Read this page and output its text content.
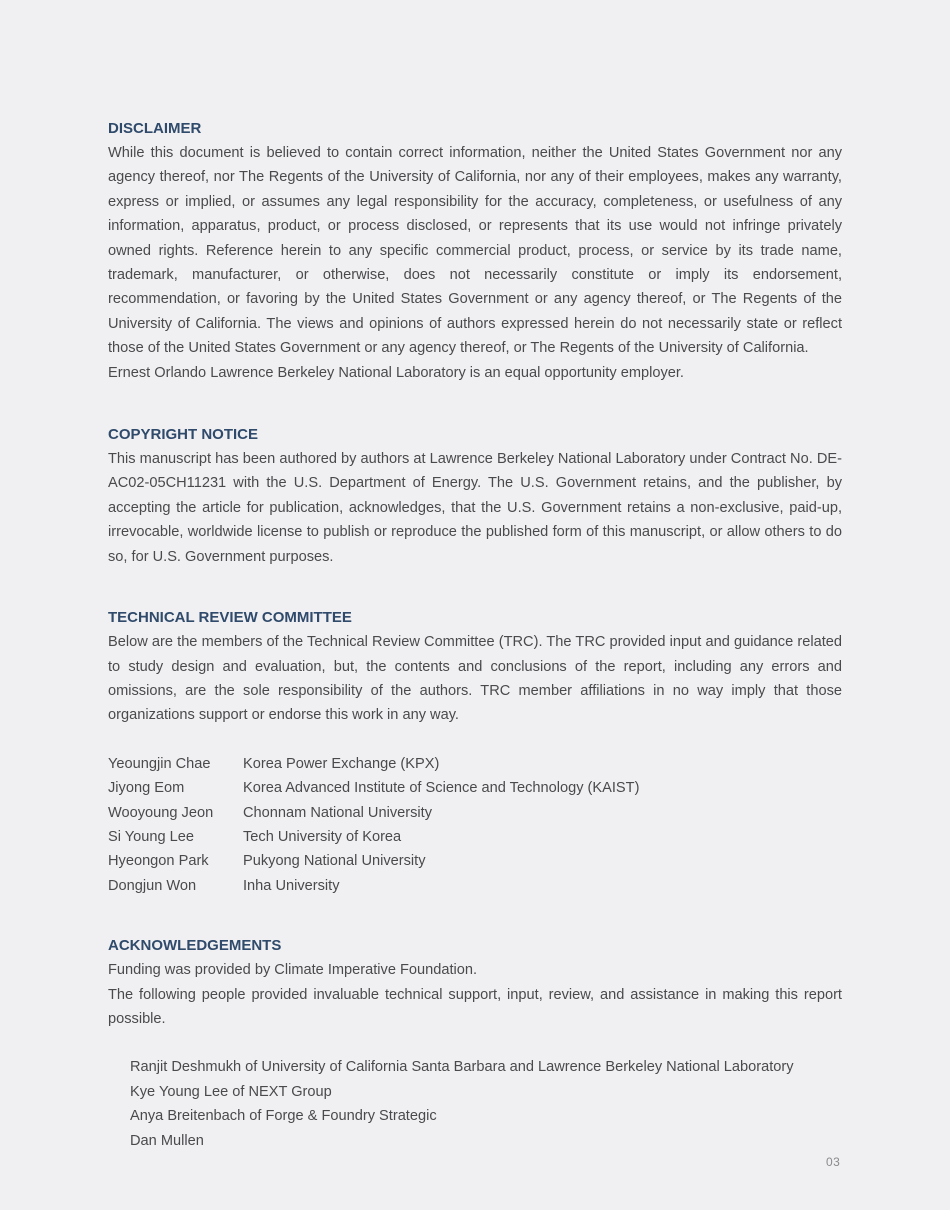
DISCLAIMER

While this document is believed to contain correct information, neither the United States Government nor any agency thereof, nor The Regents of the University of California, nor any of their employees, makes any warranty, express or implied, or assumes any legal responsibility for the accuracy, completeness, or usefulness of any information, apparatus, product, or process disclosed, or represents that its use would not infringe privately owned rights. Reference herein to any specific commercial product, process, or service by its trade name, trademark, manufacturer, or otherwise, does not necessarily constitute or imply its endorsement, recommendation, or favoring by the United States Government or any agency thereof, or The Regents of the University of California. The views and opinions of authors expressed herein do not necessarily state or reflect those of the United States Government or any agency thereof, or The Regents of the University of California.

Ernest Orlando Lawrence Berkeley National Laboratory is an equal opportunity employer.

COPYRIGHT NOTICE

This manuscript has been authored by authors at Lawrence Berkeley National Laboratory under Contract No. DE-AC02-05CH11231 with the U.S. Department of Energy. The U.S. Government retains, and the publisher, by accepting the article for publication, acknowledges, that the U.S. Government retains a non-exclusive, paid-up, irrevocable, worldwide license to publish or reproduce the published form of this manuscript, or allow others to do so, for U.S. Government purposes.

TECHNICAL REVIEW COMMITTEE

Below are the members of the Technical Review Committee (TRC). The TRC provided input and guidance related to study design and evaluation, but, the contents and conclusions of the report, including any errors and omissions, are the sole responsibility of the authors. TRC member affiliations in no way imply that those organizations support or endorse this work in any way.

Yeoungjin Chae	Korea Power Exchange (KPX)
Jiyong Eom	Korea Advanced Institute of Science and Technology (KAIST)
Wooyoung Jeon	Chonnam National University
Si Young Lee	Tech University of Korea
Hyeongon Park	Pukyong National University
Dongjun Won	Inha University
ACKNOWLEDGEMENTS

Funding was provided by Climate Imperative Foundation.

The following people provided invaluable technical support, input, review, and assistance in making this report possible.

Ranjit Deshmukh of University of California Santa Barbara and Lawrence Berkeley National Laboratory
Kye Young Lee of NEXT Group
Anya Breitenbach of Forge & Foundry Strategic
Dan Mullen
03
